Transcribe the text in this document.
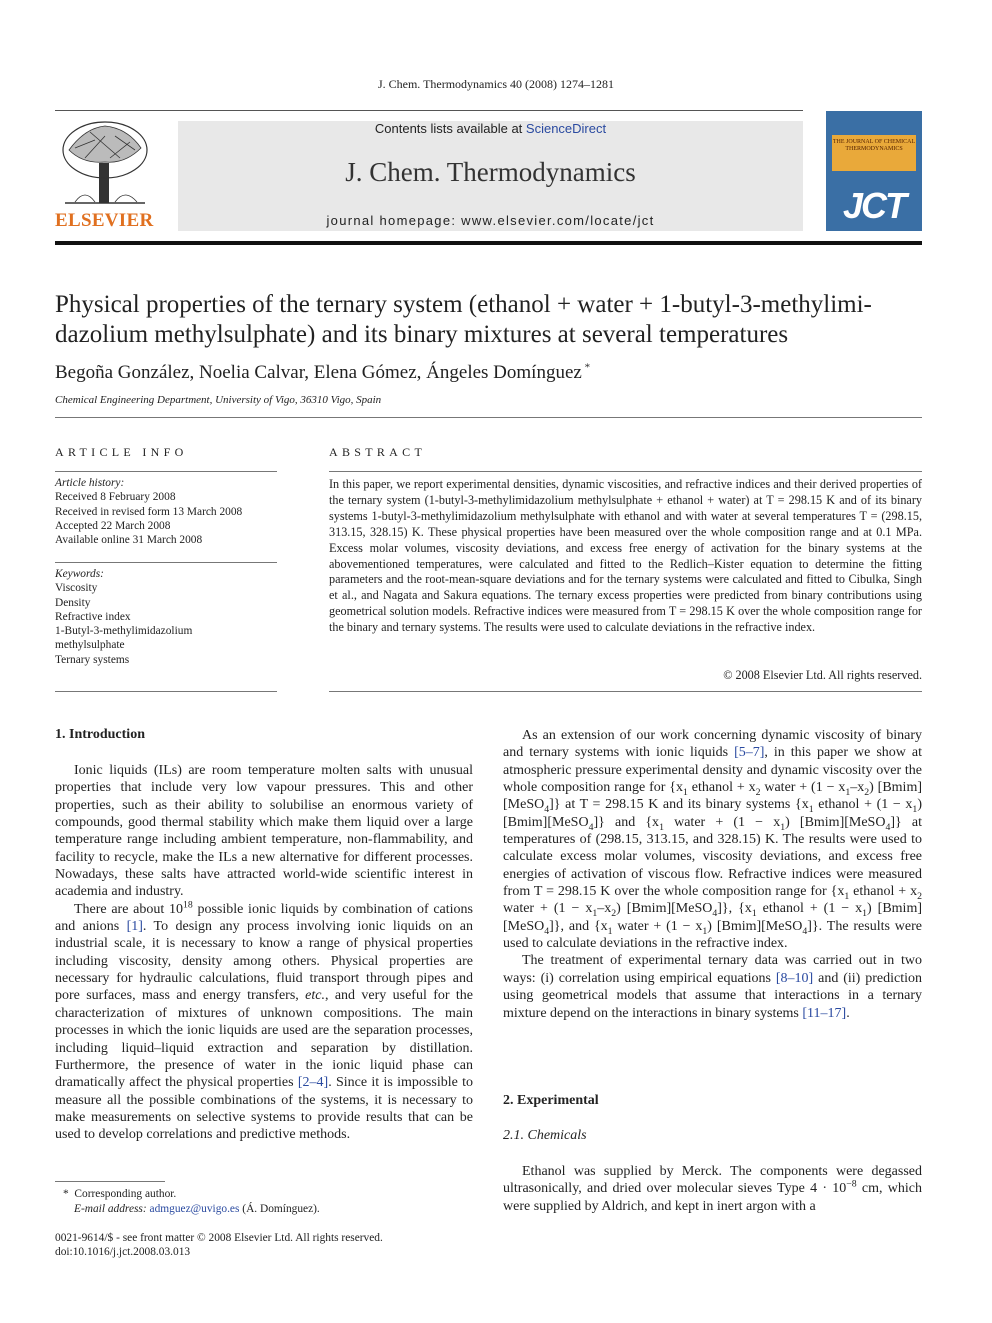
J. Chem. Thermodynamics 40 (2008) 1274–1281
ELSEVIER
Contents lists available at ScienceDirect
J. Chem. Thermodynamics
journal homepage: www.elsevier.com/locate/jct
THE JOURNAL OF CHEMICAL THERMODYNAMICS
JCT
Physical properties of the ternary system (ethanol + water + 1-butyl-3-methylimi-dazolium methylsulphate) and its binary mixtures at several temperatures
Begoña González, Noelia Calvar, Elena Gómez, Ángeles Domínguez *
Chemical Engineering Department, University of Vigo, 36310 Vigo, Spain
ARTICLE INFO
Article history:
Received 8 February 2008
Received in revised form 13 March 2008
Accepted 22 March 2008
Available online 31 March 2008
Keywords:
Viscosity
Density
Refractive index
1-Butyl-3-methylimidazolium
methylsulphate
Ternary systems
ABSTRACT
In this paper, we report experimental densities, dynamic viscosities, and refractive indices and their derived properties of the ternary system (1-butyl-3-methylimidazolium methylsulphate + ethanol + water) at T = 298.15 K and of its binary systems 1-butyl-3-methylimidazolium methylsulphate with ethanol and with water at several temperatures T = (298.15, 313.15, 328.15) K. These physical properties have been measured over the whole composition range and at 0.1 MPa. Excess molar volumes, viscosity deviations, and excess free energy of activation for the binary systems at the abovementioned temperatures, were calculated and fitted to the Redlich–Kister equation to determine the fitting parameters and the root-mean-square deviations and for the ternary systems were calculated and fitted to Cibulka, Singh et al., and Nagata and Sakura equations. The ternary excess properties were predicted from binary contributions using geometrical solution models. Refractive indices were measured from T = 298.15 K over the whole composition range for the binary and ternary systems. The results were used to calculate deviations in the refractive index.
© 2008 Elsevier Ltd. All rights reserved.
1. Introduction

Ionic liquids (ILs) are room temperature molten salts with unusual properties that include very low vapour pressures. This and other properties, such as their ability to solubilise an enormous variety of compounds, good thermal stability which make them liquid over a large temperature range including ambient temperature, non-flammability, and facility to recycle, make the ILs a new alternative for different processes. Nowadays, these salts have attracted world-wide scientific interest in academia and industry.

There are about $10^{18}$ possible ionic liquids by combination of cations and anions [1]. To design any process involving ionic liquids on an industrial scale, it is necessary to know a range of physical properties including viscosity, density among others. Physical properties are necessary for hydraulic calculations, fluid transport through pipes and pore surfaces, mass and energy transfers, etc., and very useful for the characterization of mixtures of unknown compositions. The main processes in which the ionic liquids are used are the separation processes, including liquid–liquid extraction and separation by distillation. Furthermore, the presence of water in the ionic liquid phase can dramatically affect the physical properties [2–4]. Since it is impossible to measure all the possible combinations of the systems, it is necessary to make measurements on selective systems to provide results that can be used to develop correlations and predictive methods.

* Corresponding author.
E-mail address: admguez@uvigo.es (Á. Domínguez).
0021-9614/$ - see front matter © 2008 Elsevier Ltd. All rights reserved.
doi:10.1016/j.jct.2008.03.013

As an extension of our work concerning dynamic viscosity of binary and ternary systems with ionic liquids [5–7], in this paper we show at atmospheric pressure experimental density and dynamic viscosity over the whole composition range for {$x_1$ ethanol + $x_2$ water + $(1 - x_1-x_2)$ [Bmim][MeSO$_4$]} at T = 298.15 K and its binary systems {$x_1$ ethanol + $(1 - x_1)$ [Bmim][MeSO$_4$]} and {$x_1$ water + $(1 - x_1)$ [Bmim][MeSO$_4$]} at temperatures of (298.15, 313.15, and 328.15) K. The results were used to calculate excess molar volumes, viscosity deviations, and excess free energies of activation of viscous flow. Refractive indices were measured from T = 298.15 K over the whole composition range for {$x_1$ ethanol + $x_2$ water + $(1 - x_1-x_2)$ [Bmim][MeSO$_4$]}, {$x_1$ ethanol + $(1 - x_1)$ [Bmim][MeSO$_4$]}, and {$x_1$ water + $(1 - x_1)$ [Bmim][MeSO$_4$]}. The results were used to calculate deviations in the refractive index.

The treatment of experimental ternary data was carried out in two ways: (i) correlation using empirical equations [8–10] and (ii) prediction using geometrical models that assume that interactions in a ternary mixture depend on the interactions in binary systems [11–17].

2. Experimental
2.1. Chemicals

Ethanol was supplied by Merck. The components were degassed ultrasonically, and dried over molecular sieves Type $4 \cdot 10^{-8}$ cm, which were supplied by Aldrich, and kept in inert argon with a
